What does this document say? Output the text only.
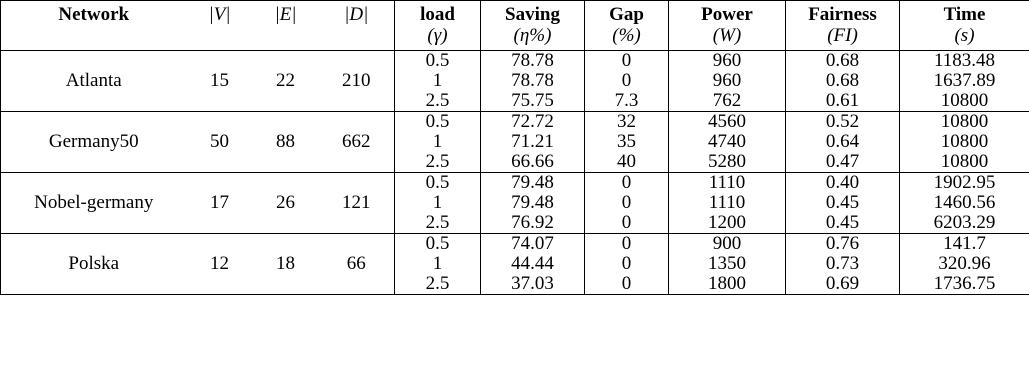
Network	|V|	|E|	|D|	load	Saving	Gap	Power	Fairness	Time
				(γ)	(η%)	(%)	(W)	(FI)	(s)
Atlanta	15	22	210	0.5	78.78	0	960	0.68	1183.48
				1	78.78	0	960	0.68	1637.89
				2.5	75.75	7.3	762	0.61	10800
Germany50	50	88	662	0.5	72.72	32	4560	0.52	10800
				1	71.21	35	4740	0.64	10800
				2.5	66.66	40	5280	0.47	10800
Nobel-germany	17	26	121	0.5	79.48	0	1110	0.40	1902.95
				1	79.48	0	1110	0.45	1460.56
				2.5	76.92	0	1200	0.45	6203.29
Polska	12	18	66	0.5	74.07	0	900	0.76	141.7
				1	44.44	0	1350	0.73	320.96
				2.5	37.03	0	1800	0.69	1736.75
